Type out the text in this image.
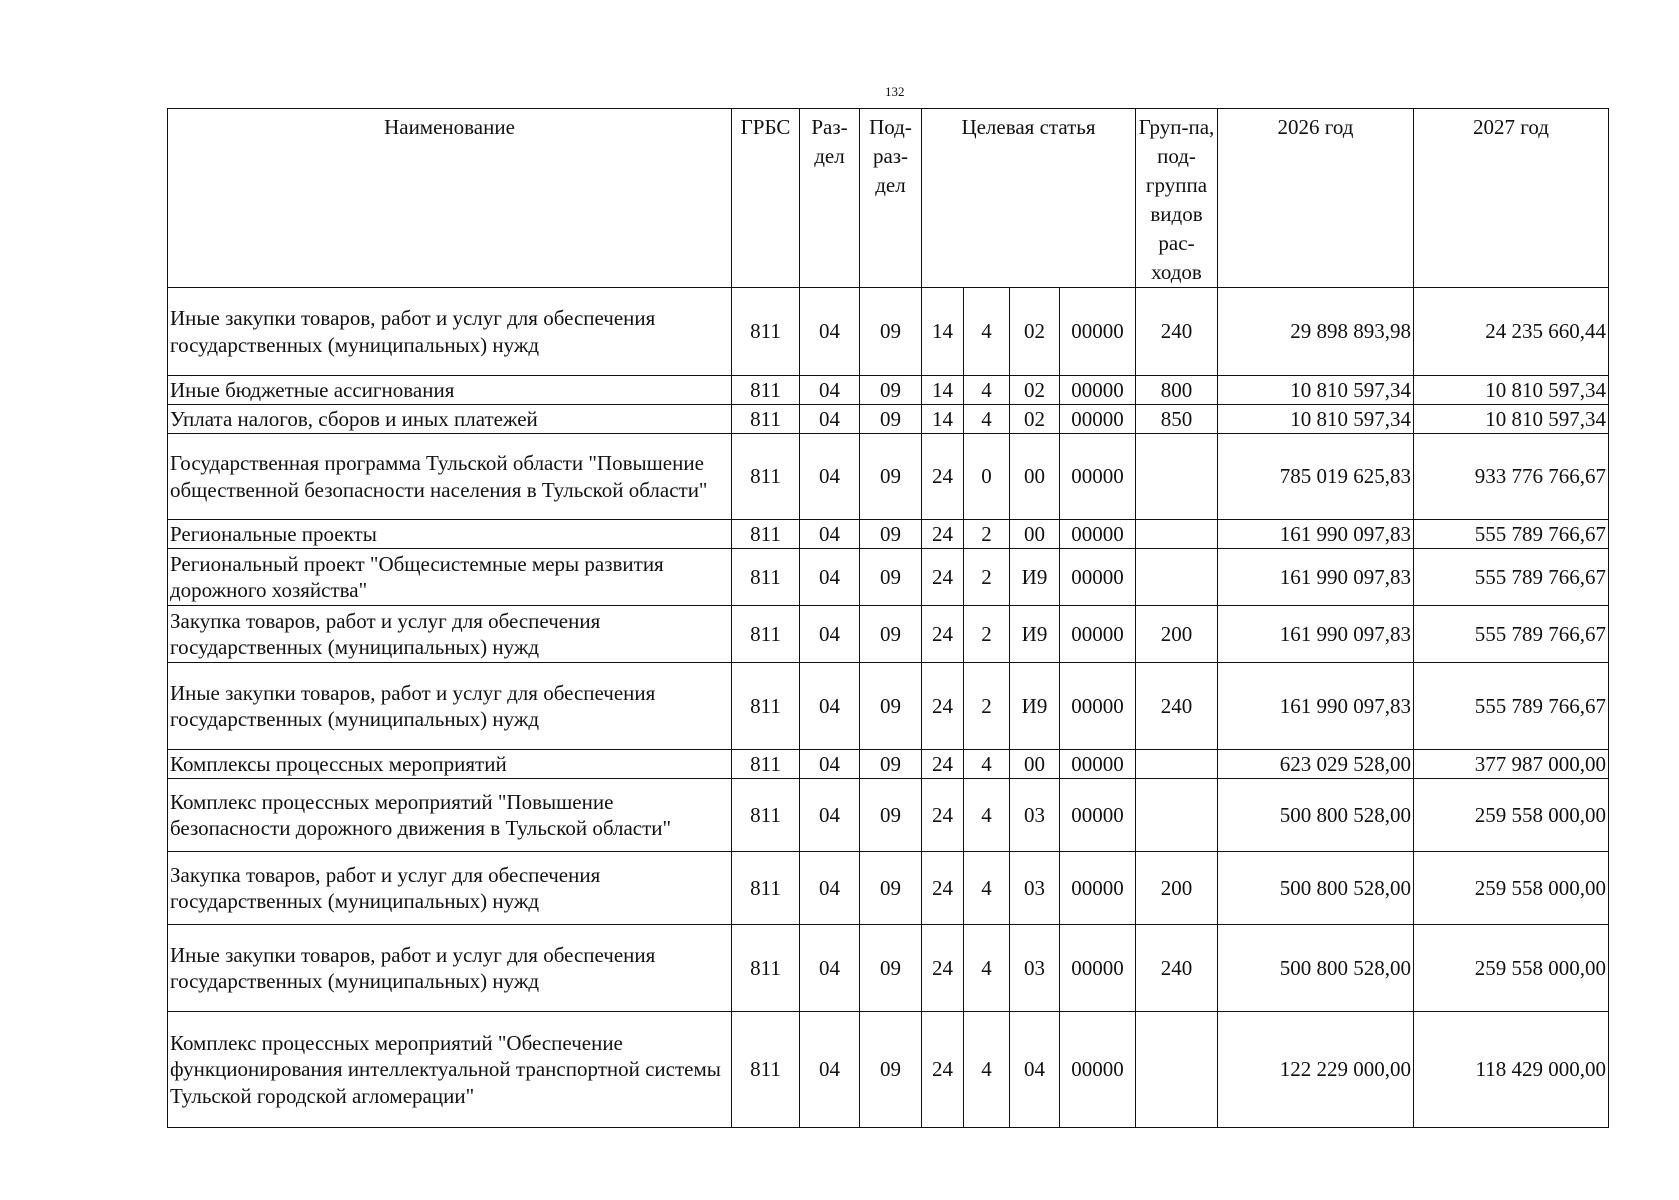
132
Наименование	ГРБС	Раз-дел	Под-раз-дел	Целевая статья				Груп-па, под-группа видов рас-ходов	2026 год	2027 год
Иные закупки товаров, работ и услуг для обеспечения государственных (муниципальных) нужд	811	04	09	14	4	02	00000	240	29 898 893,98	24 235 660,44
Иные бюджетные ассигнования	811	04	09	14	4	02	00000	800	10 810 597,34	10 810 597,34
Уплата налогов, сборов и иных платежей	811	04	09	14	4	02	00000	850	10 810 597,34	10 810 597,34
Государственная программа Тульской области "Повышение общественной безопасности населения в Тульской области"	811	04	09	24	0	00	00000		785 019 625,83	933 776 766,67
Региональные проекты	811	04	09	24	2	00	00000		161 990 097,83	555 789 766,67
Региональный проект "Общесистемные меры развития дорожного хозяйства"	811	04	09	24	2	И9	00000		161 990 097,83	555 789 766,67
Закупка товаров, работ и услуг для обеспечения государственных (муниципальных) нужд	811	04	09	24	2	И9	00000	200	161 990 097,83	555 789 766,67
Иные закупки товаров, работ и услуг для обеспечения государственных (муниципальных) нужд	811	04	09	24	2	И9	00000	240	161 990 097,83	555 789 766,67
Комплексы процессных мероприятий	811	04	09	24	4	00	00000		623 029 528,00	377 987 000,00
Комплекс процессных мероприятий "Повышение безопасности дорожного движения в Тульской области"	811	04	09	24	4	03	00000		500 800 528,00	259 558 000,00
Закупка товаров, работ и услуг для обеспечения государственных (муниципальных) нужд	811	04	09	24	4	03	00000	200	500 800 528,00	259 558 000,00
Иные закупки товаров, работ и услуг для обеспечения государственных (муниципальных) нужд	811	04	09	24	4	03	00000	240	500 800 528,00	259 558 000,00
Комплекс процессных мероприятий "Обеспечение функционирования интеллектуальной транспортной системы Тульской городской агломерации"	811	04	09	24	4	04	00000		122 229 000,00	118 429 000,00
